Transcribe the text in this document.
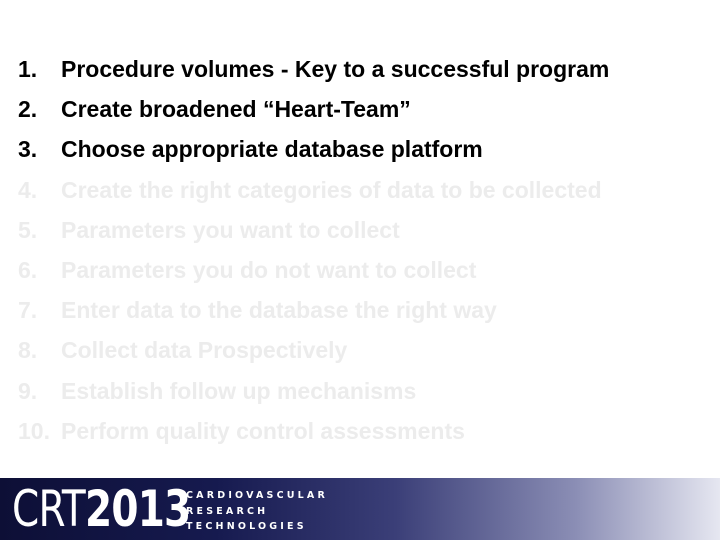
1.	Procedure volumes - Key to a successful program
2.	Create broadened “Heart-Team”
3.	Choose appropriate database platform
4.	Create the right categories of data to be collected
5.	Parameters you want to collect
6.	Parameters you do not want to collect
7.	Enter data to the database the right way
8.	Collect data Prospectively
9.	Establish follow up mechanisms
10. Perform quality control assessments
CRT2013
CARDIOVASCULAR
RESEARCH
TECHNOLOGIES
